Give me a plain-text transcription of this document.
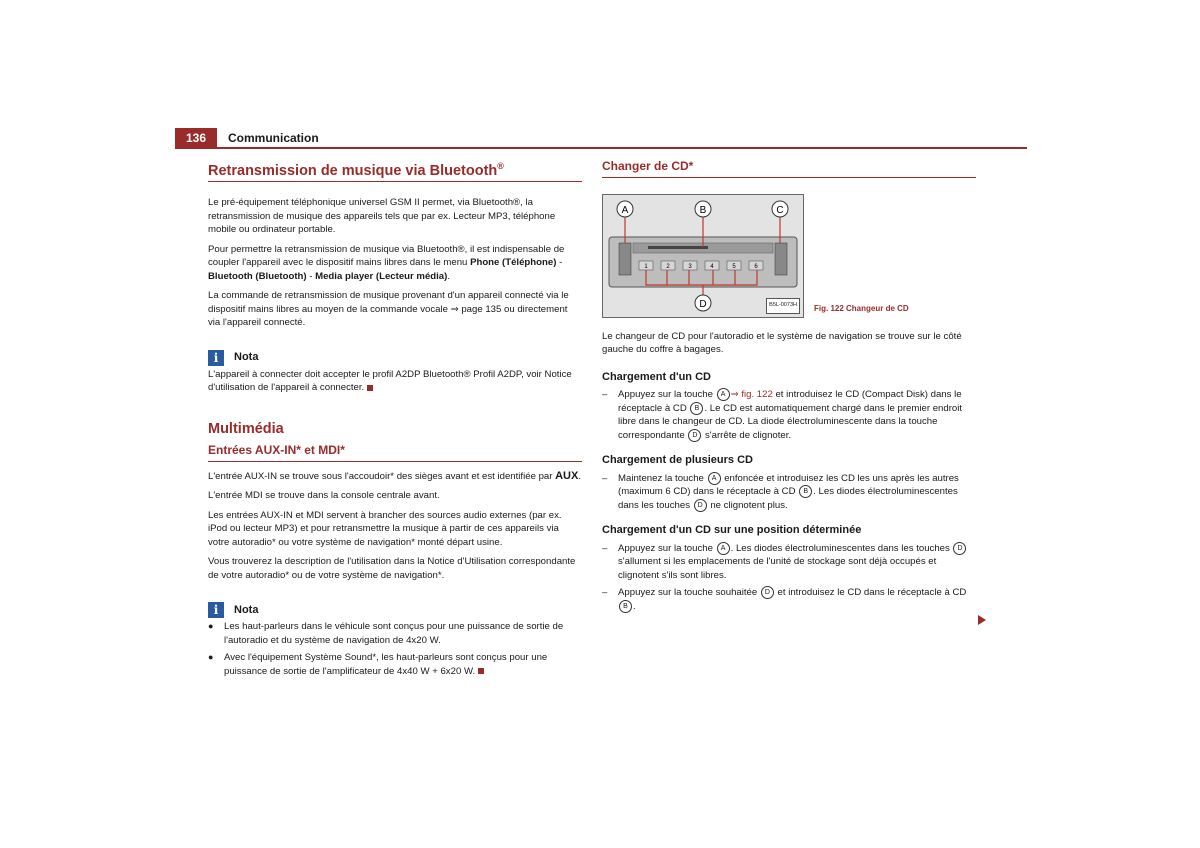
136	Communication
Retransmission de musique via Bluetooth®

Le pré-équipement téléphonique universel GSM II permet, via Bluetooth®, la retransmission de musique des appareils tels que par ex. Lecteur MP3, téléphone mobile ou ordinateur portable.

Pour permettre la retransmission de musique via Bluetooth®, il est indispensable de coupler l'appareil avec le dispositif mains libres dans le menu Phone (Téléphone) - Bluetooth (Bluetooth) - Media player (Lecteur média).

La commande de retransmission de musique provenant d'un appareil connecté via le dispositif mains libres au moyen de la commande vocale ⇒ page 135 ou directement via l'appareil connecté.

i	Nota

L'appareil à connecter doit accepter le profil A2DP Bluetooth® Profil A2DP, voir Notice d'utilisation de l'appareil à connecter.

Multimédia
Entrées AUX-IN* et MDI*

L'entrée AUX-IN se trouve sous l'accoudoir* des sièges avant et est identifiée par AUX.

L'entrée MDI se trouve dans la console centrale avant.

Les entrées AUX-IN et MDI servent à brancher des sources audio externes (par ex. iPod ou lecteur MP3) et pour retransmettre la musique à partir de ces appareils via votre autoradio* ou votre système de navigation* monté départ usine.

Vous trouverez la description de l'utilisation dans la Notice d'Utilisation correspondante de votre autoradio* ou de votre système de navigation*.

i	Nota
●	Les haut-parleurs dans le véhicule sont conçus pour une puissance de sortie de l'autoradio et du système de navigation de 4x20 W.
●	Avec l'équipement Système Sound*, les haut-parleurs sont conçus pour une puissance de sortie de l'amplificateur de 4x40 W + 6x20 W.
Changer de CD*
1	2	3	4	5	6
A	B	C
D	B5L-0073H	Fig. 122 Changeur de CD

Le changeur de CD pour l'autoradio et le système de navigation se trouve sur le côté gauche du coffre à bagages.

Chargement d'un CD
–	Appuyez sur la touche A ⇒ fig. 122 et introduisez le CD (Compact Disk) dans le réceptacle à CD B . Le CD est automatiquement chargé dans le premier endroit libre dans le changeur de CD. La diode électroluminescente dans la touche correspondante D s'arrête de clignoter.
Chargement de plusieurs CD
–	Maintenez la touche A enfoncée et introduisez les CD les uns après les autres (maximum 6 CD) dans le réceptacle à CD B . Les diodes électroluminescentes dans les touches D ne clignotent plus.
Chargement d'un CD sur une position déterminée
–	Appuyez sur la touche A . Les diodes électroluminescentes dans les touches D s'allument si les emplacements de l'unité de stockage sont déjà occupés et clignotent s'ils sont libres.
–	Appuyez sur la touche souhaitée D et introduisez le CD dans le réceptacle à CD B .
